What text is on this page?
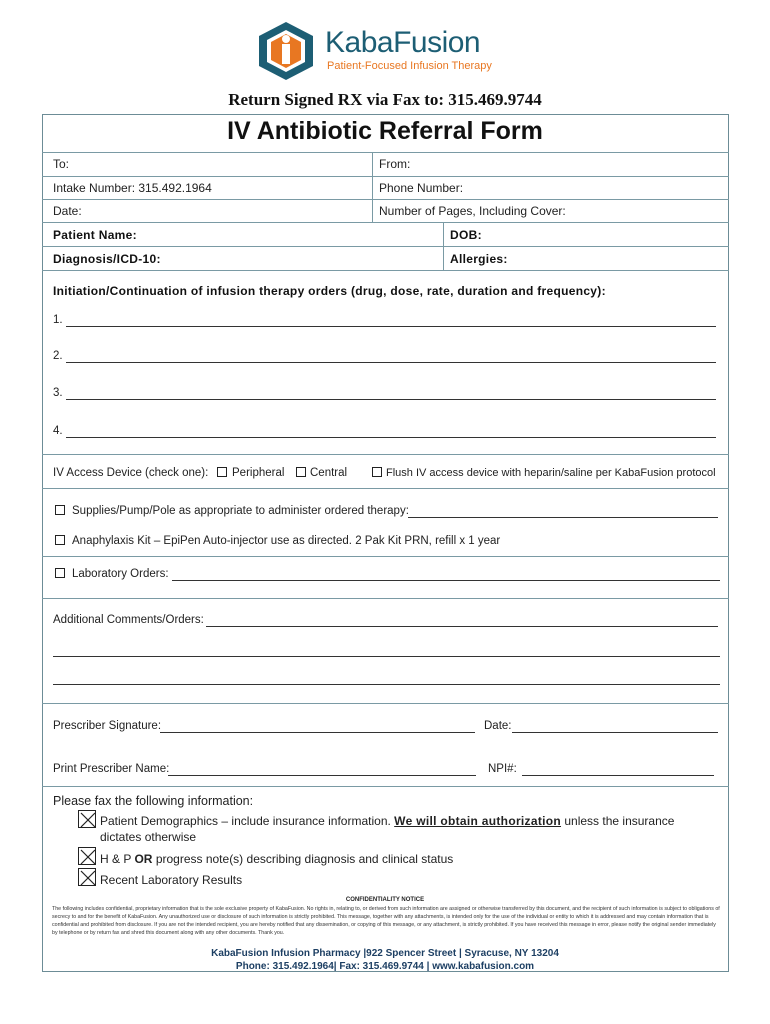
KabaFusion
Patient-Focused Infusion Therapy
Return Signed RX via Fax to: 315.469.9744
IV Antibiotic Referral Form
To:	From:
Intake Number: 315.492.1964	Phone Number:
Date:	Number of Pages, Including Cover:
Patient Name:	DOB:
Diagnosis/ICD-10:	Allergies:
Initiation/Continuation of infusion therapy orders (drug, dose, rate, duration and frequency):
1.
2.
3.
4.
IV Access Device (check one): Peripheral Central	Flush IV access device with heparin/saline per KabaFusion protocol
Supplies/Pump/Pole as appropriate to administer ordered therapy:
Anaphylaxis Kit – EpiPen Auto-injector use as directed. 2 Pak Kit PRN, refill x 1 year
Laboratory Orders:
Additional Comments/Orders:
Prescriber Signature:	Date:
Print Prescriber Name:	NPI#:
Please fax the following information:
Patient Demographics – include insurance information. We will obtain authorization unless the insurance
dictates otherwise
H & P OR progress note(s) describing diagnosis and clinical status
Recent Laboratory Results
CONFIDENTIALITY NOTICE
The following includes confidential, proprietary information that is the sole exclusive property of KabaFusion. No rights in, relating to, or derived from such information are assigned or otherwise transferred by this document, and the recipient of such information is subject to obligations of secrecy to and for the benefit of KabaFusion. Any unauthorized use or disclosure of such information is strictly prohibited. This message, together with any attachments, is intended only for the use of the individual or entity to which it is addressed and may contain information that is confidential and prohibited from disclosure. If you are not the intended recipient, you are hereby notified that any dissemination, or copying of this message, or any attachment, is strictly prohibited. If you have received this message in error, please notify the original sender immediately by telephone or by return fax and shred this document along with any other documents. Thank you.
KabaFusion Infusion Pharmacy |922 Spencer Street | Syracuse, NY 13204
Phone: 315.492.1964| Fax: 315.469.9744 | www.kabafusion.com
